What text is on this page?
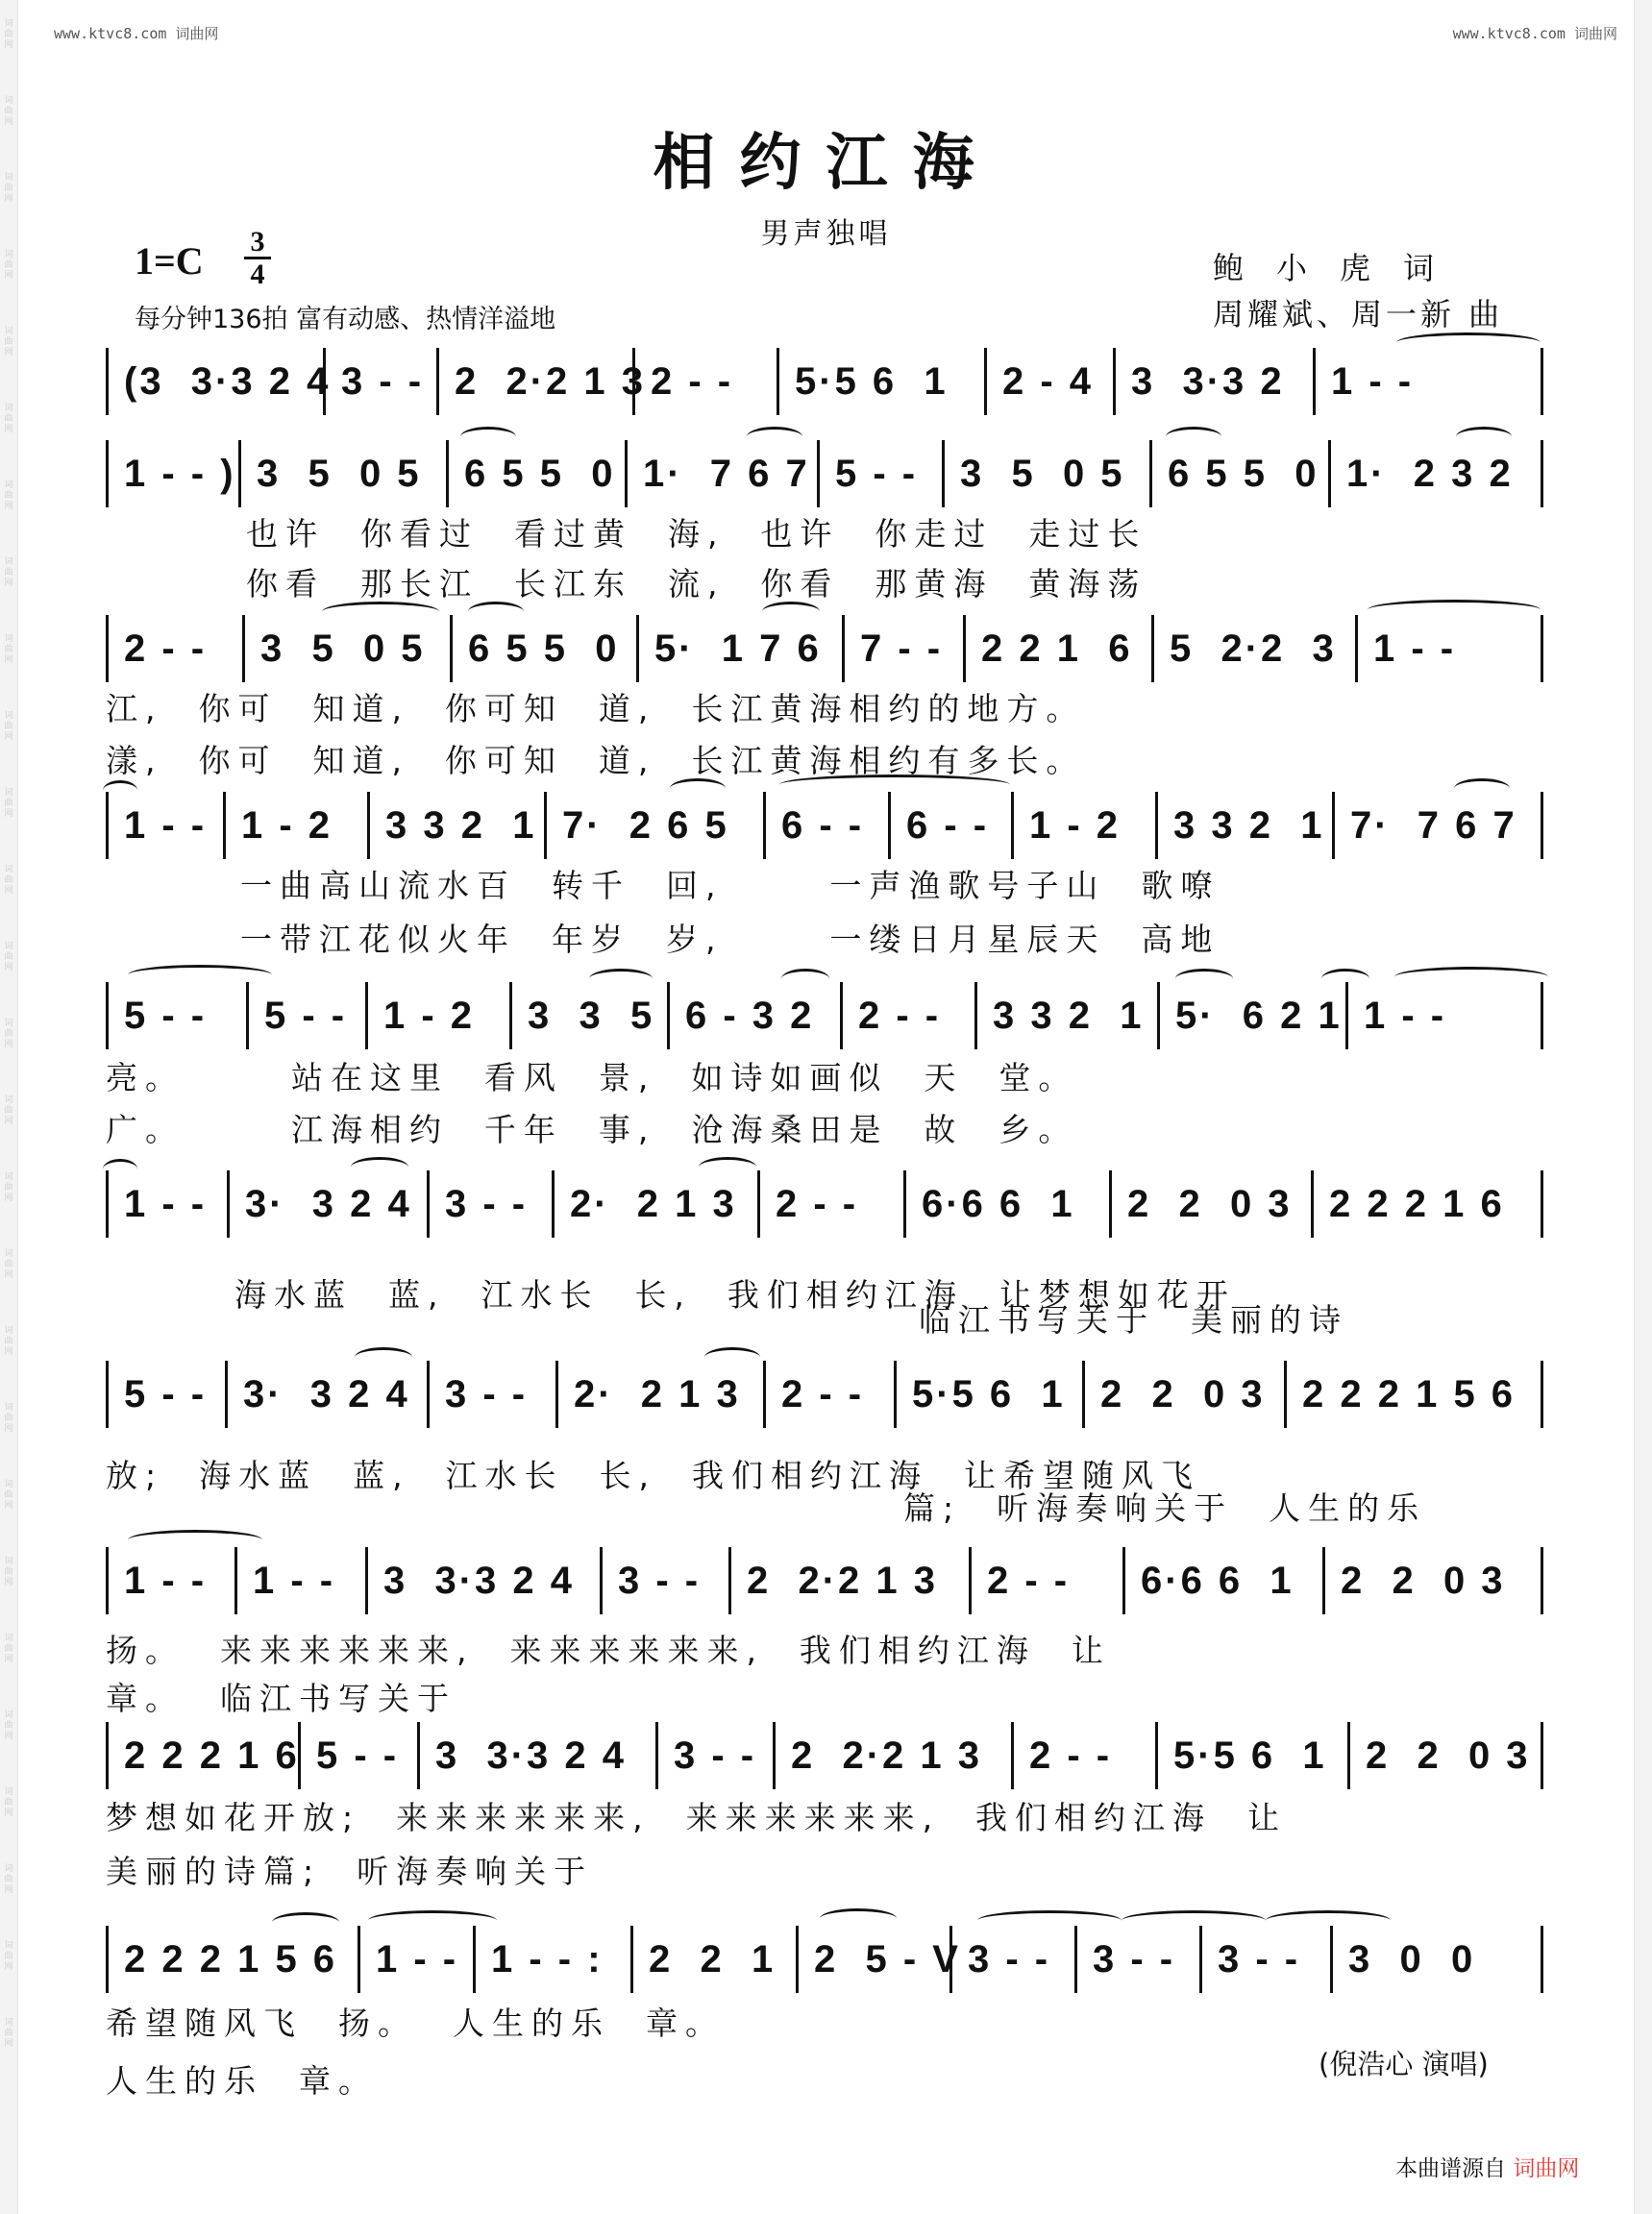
词曲网
词曲网
词曲网
词曲网
词曲网
词曲网
词曲网
词曲网
词曲网
词曲网
词曲网
词曲网
词曲网
词曲网
词曲网
词曲网
词曲网
词曲网
词曲网
词曲网
词曲网
词曲网
词曲网
词曲网
词曲网
词曲网
词曲网
www.ktvc8.com 词曲网	www.ktvc8.com 词曲网
相约江海
男声独唱
1=C 3
4
每分钟136拍 富有动感、热情洋溢地
鲍小虎词
周耀斌、周一新 曲
(3  3·3 2 4 3 - - 2  2·2 1 3 2 - -	5·5 6  1	2 - 4 3  3·3 2	1 - -
1 - - ) 3  5  0 5	6 5 5  0 1·  7 6 7 5 - -	3  5  0 5	6 5 5  0 1·  2 3 2
也许  你看过  看过黄  海,  也许  你走过  走过长
你看  那长江  长江东  流,  你看  那黄海  黄海荡
2 - -	3  5  0 5	6 5 5  0 5·  1 7 6	7 - - 2 2 1  6 5  2·2  3 1 - -
江,  你可  知道,  你可知  道,  长江黄海相约的地方。
漾,  你可  知道,  你可知  道,  长江黄海相约有多长。
1 - - 1 - 2	3 3 2  1 7·  2 6 5	6 - -	6 - -	1 - 2	3 3 2  1 7·  7 6 7
一曲高山流水百  转千  回,      一声渔歌号子山  歌嘹
一带江花似火年  年岁  岁,      一缕日月星辰天  高地
5 - -	5 - - 1 - 2	3  3  5 6 - 3 2	2 - -	3 3 2  1 5·  6 2 1 1 - -
亮。      站在这里  看风  景,  如诗如画似  天  堂。
广。      江海相约  千年  事,  沧海桑田是  故  乡。
1 - - 3·  3 2 4 3 - -	2·  2 1 3	2 - -	6·6 6  1	2  2  0 3 2 2 2 1 6
海水蓝  蓝,  江水长  长,  我们相约江海  让梦想如花开
临江书写关于  美丽的诗
5 - - 3·  3 2 4 3 - -	2·  2 1 3	2 - -	5·5 6  1 2  2  0 3 2 2 2 1 5 6
放;  海水蓝  蓝,  江水长  长,  我们相约江海  让希望随风飞
篇;  听海奏响关于  人生的乐
1 - -	1 - -	3  3·3 2 4	3 - -	2  2·2 1 3	2 - -	6·6 6  1	2  2  0 3
扬。  来来来来来来,  来来来来来来,  我们相约江海  让
章。  临江书写关于
2 2 2 1 6 5 - - 3  3·3 2 4	3 - - 2  2·2 1 3	2 - -	5·5 6  1	2  2  0 3
梦想如花开放;  来来来来来来,  来来来来来来,  我们相约江海  让
美丽的诗篇;  听海奏响关于
2 2 2 1 5 6 1 - - 1 - - :	2  2  1 2  5 - V 3 - -	3 - -	3 - -	3  0  0
希望随风飞  扬。  人生的乐  章。
人生的乐  章。	(倪浩心 演唱)
本曲谱源自 词曲网
